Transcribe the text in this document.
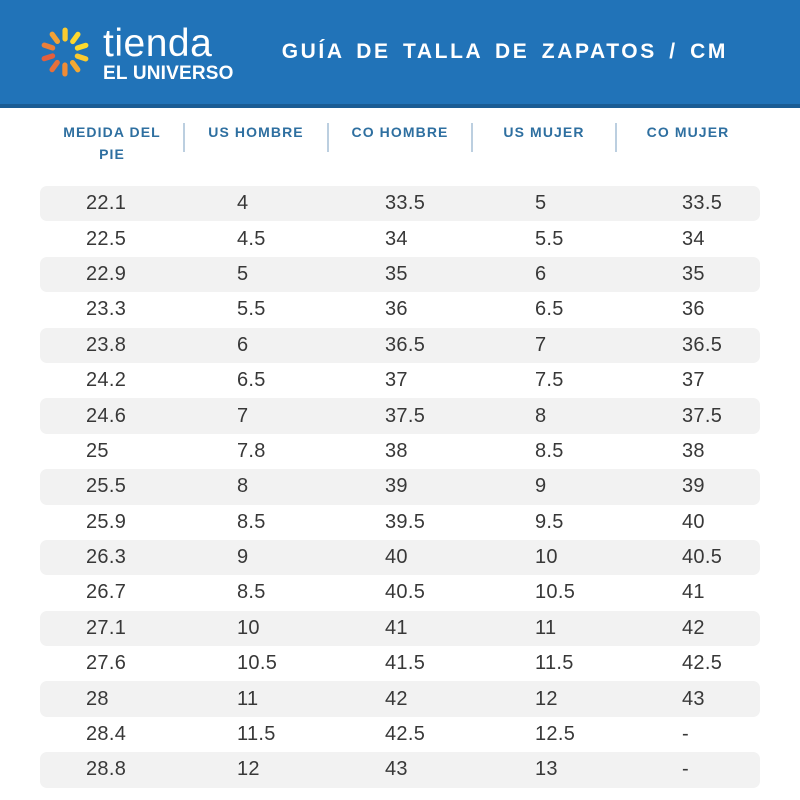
tienda
EL UNIVERSO
GUÍA DE TALLA DE ZAPATOS / CM
MEDIDA DEL PIE
US HOMBRE	CO HOMBRE	US MUJER	CO MUJER
22.1	4	33.5	5	33.5
22.5	4.5	34	5.5	34
22.9	5	35	6	35
23.3	5.5	36	6.5	36
23.8	6	36.5	7	36.5
24.2	6.5	37	7.5	37
24.6	7	37.5	8	37.5
25	7.8	38	8.5	38
25.5	8	39	9	39
25.9	8.5	39.5	9.5	40
26.3	9	40	10	40.5
26.7	8.5	40.5	10.5	41
27.1	10	41	11	42
27.6	10.5	41.5	11.5	42.5
28	11	42	12	43
28.4	11.5	42.5	12.5	-
28.8	12	43	13	-
